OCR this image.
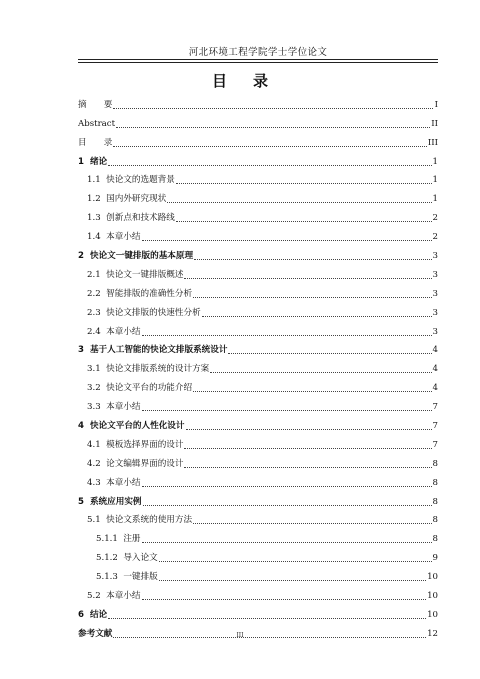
河北环境工程学院学士学位论文
目录
摘　　要	I
Abstract	II
目　　录	III
1  绪论	1
1.1  快论文的选题背景	1
1.2  国内外研究现状	1
1.3  创新点和技术路线	2
1.4  本章小结	2
2  快论文一键排版的基本原理	3
2.1  快论文一键排版概述	3
2.2  智能排版的准确性分析	3
2.3  快论文排版的快速性分析	3
2.4  本章小结	3
3  基于人工智能的快论文排版系统设计	4
3.1  快论文排版系统的设计方案	4
3.2  快论文平台的功能介绍	4
3.3  本章小结	7
4  快论文平台的人性化设计	7
4.1  模板选择界面的设计	7
4.2  论文编辑界面的设计	8
4.3  本章小结	8
5  系统应用实例	8
5.1  快论文系统的使用方法	8
5.1.1  注册	8
5.1.2  导入论文	9
5.1.3  一键排版	10
5.2  本章小结	10
6  结论	10
参考文献	12
III
